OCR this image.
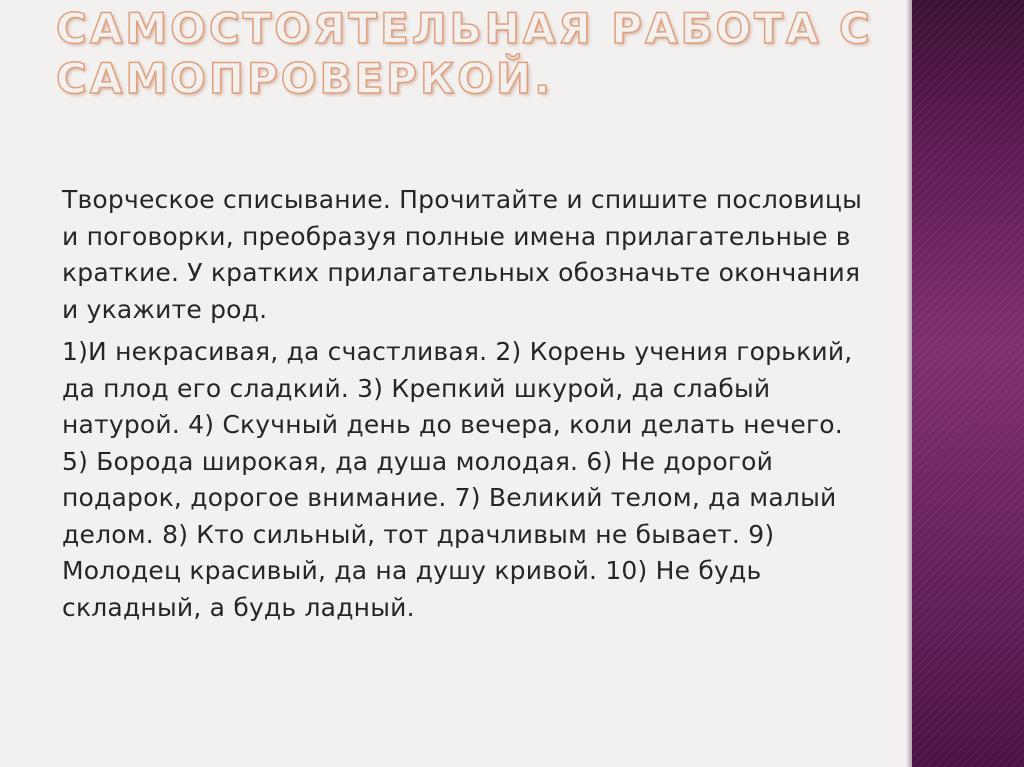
САМОСТОЯТЕЛЬНАЯ РАБОТА С САМОПРОВЕРКОЙ.

Творческое списывание. Прочитайте и спишите пословицы и поговорки, преобразуя полные имена прилагательные в краткие. У кратких прилагательных обозначьте окончания и укажите род.

1)И некрасивая, да счастливая. 2) Корень учения горький, да плод его сладкий. 3) Крепкий шкурой, да слабый натурой. 4) Скучный день до вечера, коли делать нечего. 5) Борода широкая, да душа молодая. 6) Не дорогой подарок, дорогое внимание. 7) Великий телом, да малый делом. 8) Кто сильный, тот драчливым не бывает. 9) Молодец красивый, да на душу кривой. 10) Не будь складный, а будь ладный.
